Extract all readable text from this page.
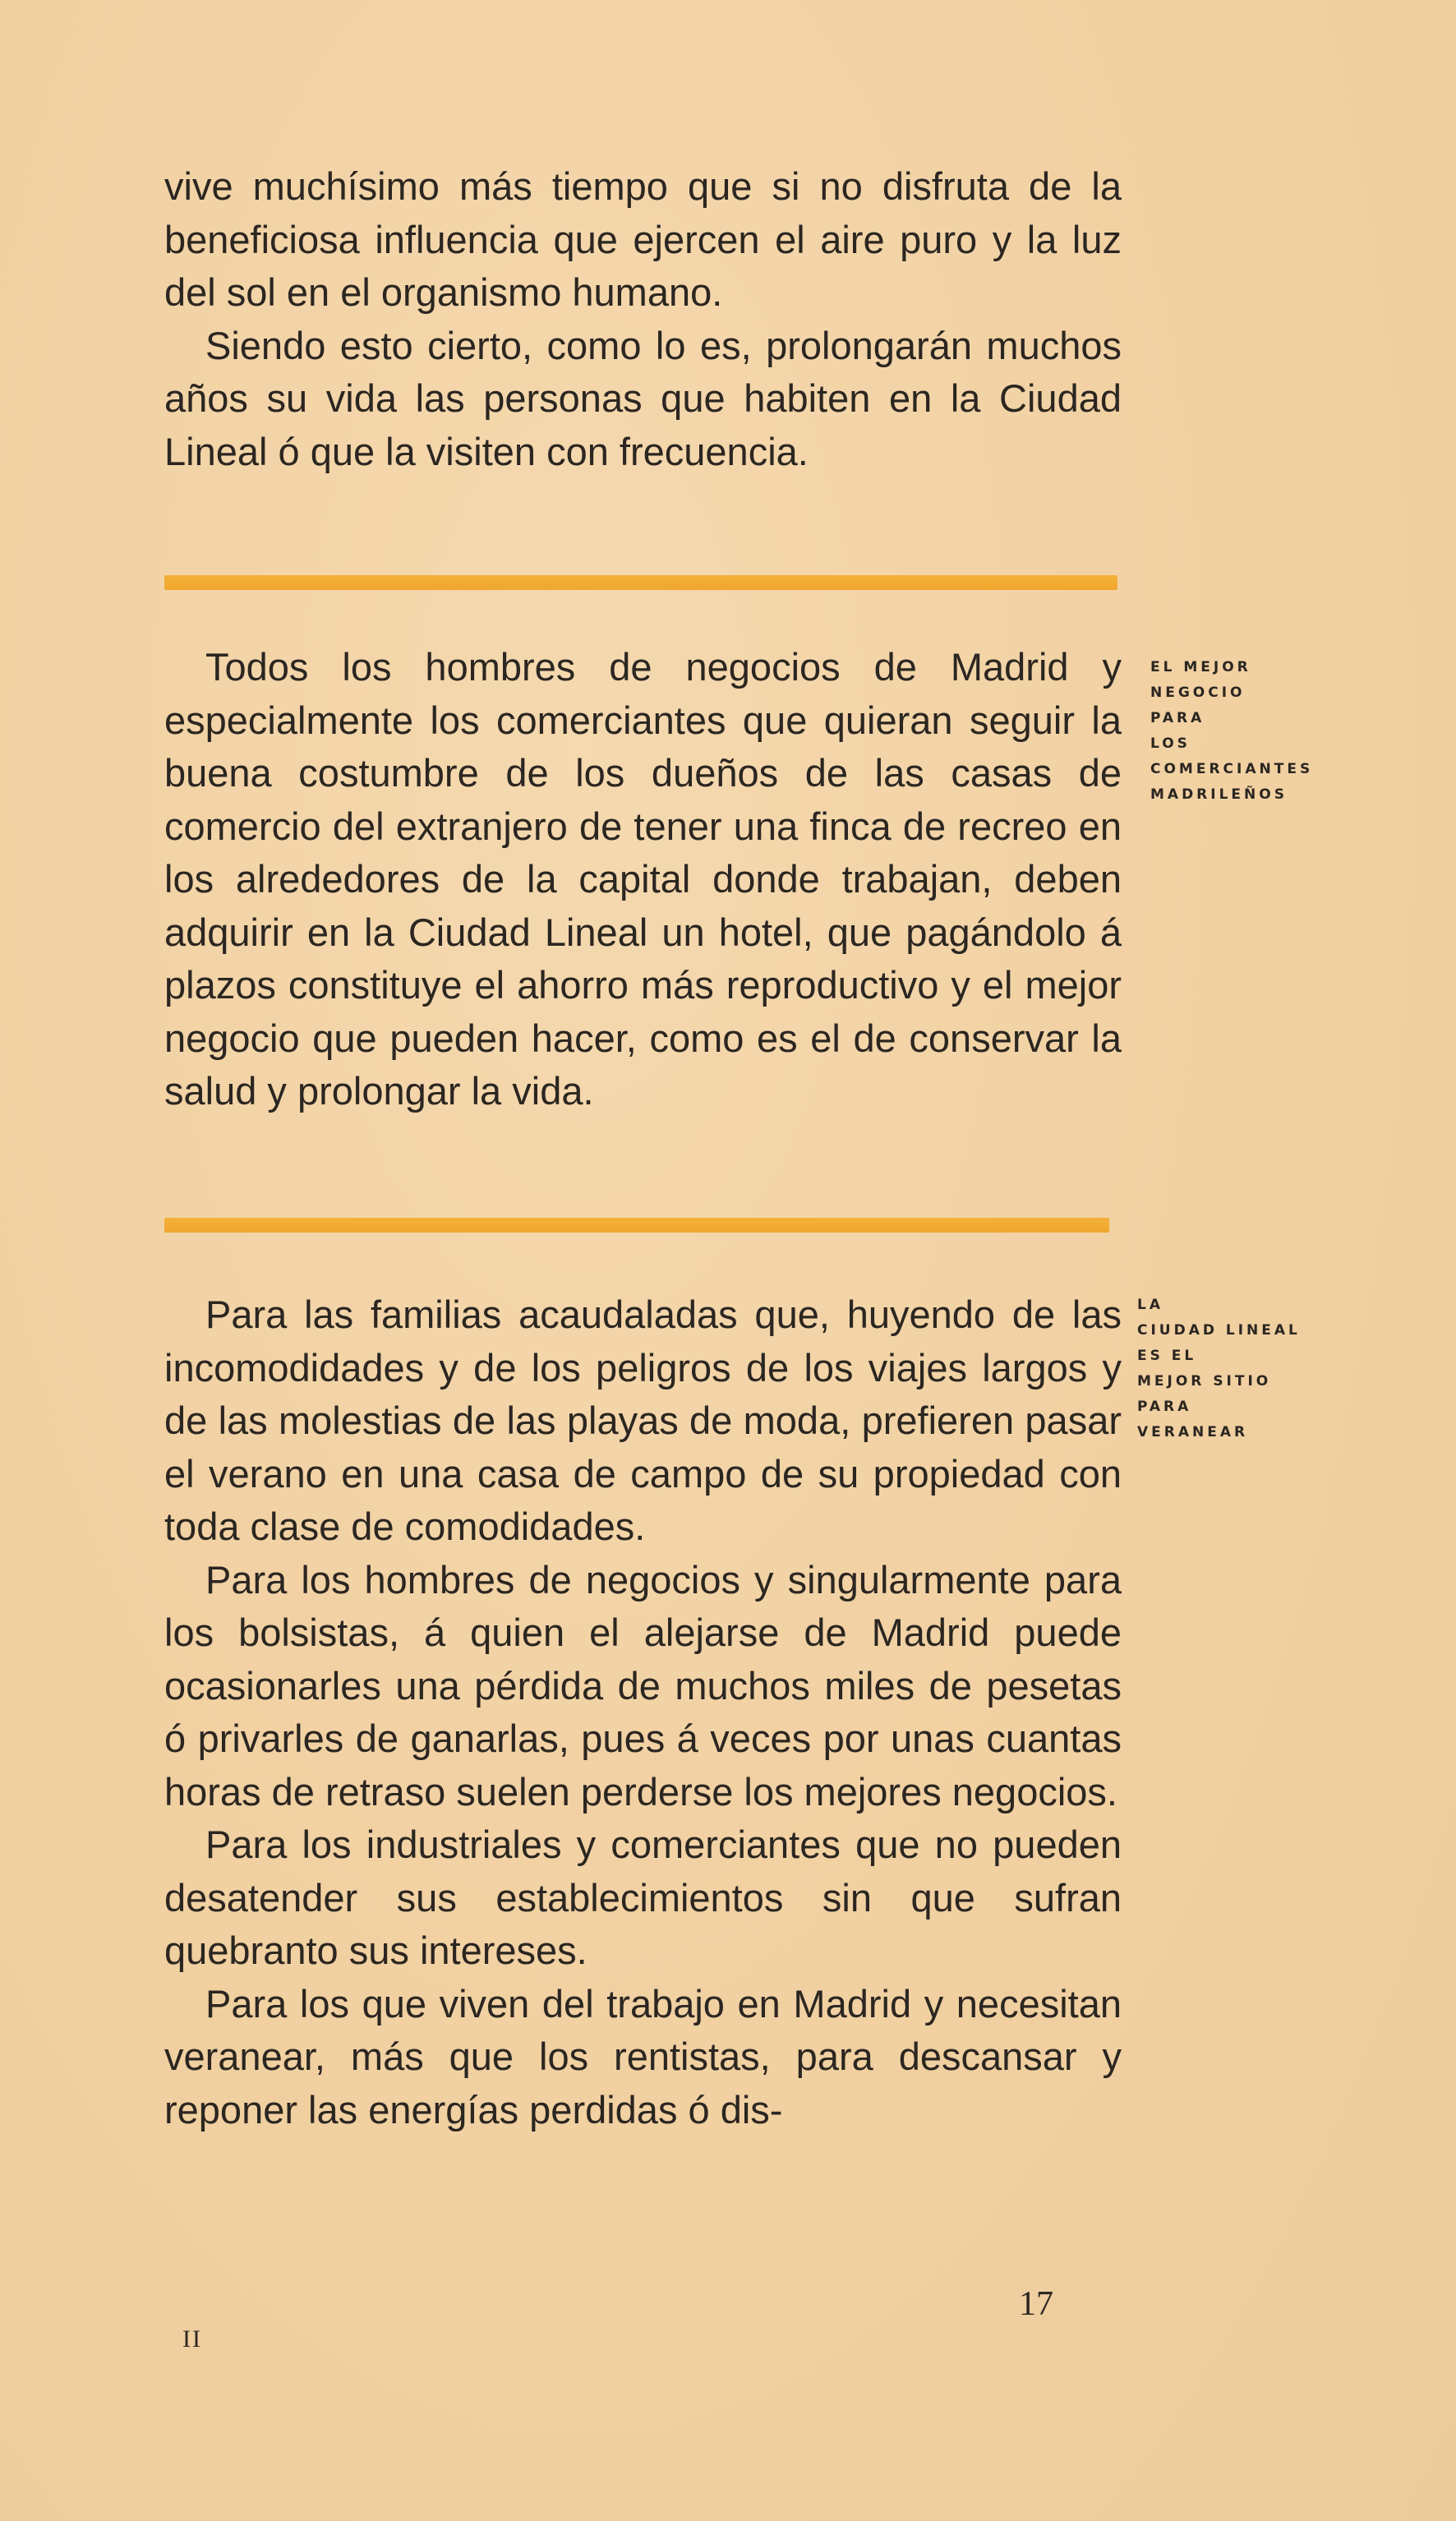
vive muchísimo más tiempo que si no disfruta de la beneficiosa influencia que ejercen el aire puro y la luz del sol en el organismo humano.

Siendo esto cierto, como lo es, prolongarán muchos años su vida las personas que habiten en la Ciudad Lineal ó que la visiten con frecuencia.

Todos los hombres de negocios de Madrid y especialmente los comerciantes que quieran seguir la buena costumbre de los dueños de las casas de comercio del extranjero de tener una finca de recreo en los alrededores de la capital donde trabajan, deben adquirir en la Ciudad Lineal un hotel, que pagándolo á plazos constituye el ahorro más reproductivo y el mejor negocio que pueden hacer, como es el de conservar la salud y prolongar la vida.

EL MEJOR
NEGOCIO
PARA
LOS
COMERCIANTES
MADRILEÑOS

Para las familias acaudaladas que, huyendo de las incomodidades y de los peligros de los viajes largos y de las molestias de las playas de moda, prefieren pasar el verano en una casa de campo de su propiedad con toda clase de comodidades.

Para los hombres de negocios y singularmente para los bolsistas, á quien el alejarse de Madrid puede ocasionarles una pérdida de muchos miles de pesetas ó privarles de ganarlas, pues á veces por unas cuantas horas de retraso suelen perderse los mejores negocios.

Para los industriales y comerciantes que no pueden desatender sus establecimientos sin que sufran quebranto sus intereses.

Para los que viven del trabajo en Madrid y necesitan veranear, más que los rentistas, para descansar y reponer las energías perdidas ó dis-

LA
CIUDAD LINEAL
ES EL
MEJOR SITIO
PARA
VERANEAR
II
17
